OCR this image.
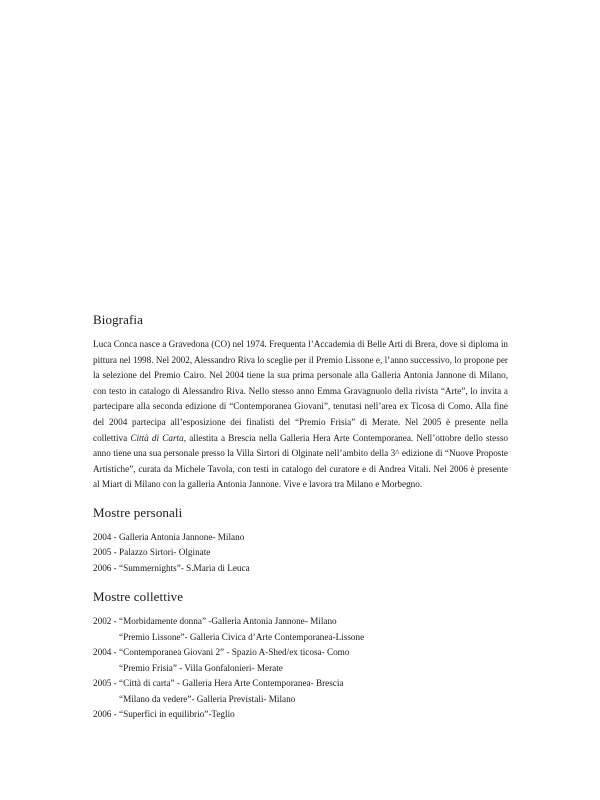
Biografia

Luca Conca nasce a Gravedona (CO) nel 1974. Frequenta l’Accademia di Belle Arti di Brera, dove si diploma in pittura nel 1998. Nel 2002, Alessandro Riva lo sceglie per il Premio Lissone e, l’anno successivo, lo propone per la selezione del Premio Cairo. Nel 2004 tiene la sua prima personale alla Galleria Antonia Jannone di Milano, con testo in catalogo di Alessandro Riva. Nello stesso anno Emma Gravagnuolo della rivista “Arte”, lo invita a partecipare alla seconda edizione di “Contemporanea Giovani”, tenutasi nell’area ex Ticosa di Como. Alla fine del 2004 partecipa all’esposizione dei finalisti del “Premio Frisia” di Merate. Nel 2005 è presente nella collettiva Città di Carta, allestita a Brescia nella Galleria Hera Arte Contemporanea. Nell’ottobre dello stesso anno tiene una sua personale presso la Villa Sirtori di Olginate nell’ambito della 3^ edizione di “Nuove Proposte Artistiche”, curata da Michele Tavola, con testi in catalogo del curatore e di Andrea Vitali. Nel 2006 è presente al Miart di Milano con la galleria Antonia Jannone. Vive e lavora tra Milano e Morbegno.

Mostre personali
2004 - Galleria Antonia Jannone- Milano
2005 - Palazzo Sirtori- Olginate
2006 - “Summernights”- S.Maria di Leuca
Mostre collettive
2002 - “Morbidamente donna” -Galleria Antonia Jannone- Milano
“Premio Lissone”- Galleria Civica d’Arte Contemporanea-Lissone
2004 - “Contemporanea Giovani 2” - Spazio A-Shed/ex ticosa- Como
“Premio Frisia” - Villa Gonfalonieri- Merate
2005 - “Città di carta” - Galleria Hera Arte Contemporanea- Brescia
“Milano da vedere”- Galleria Previstali- Milano
2006 - “Superfici in equilibrio”-Teglio
